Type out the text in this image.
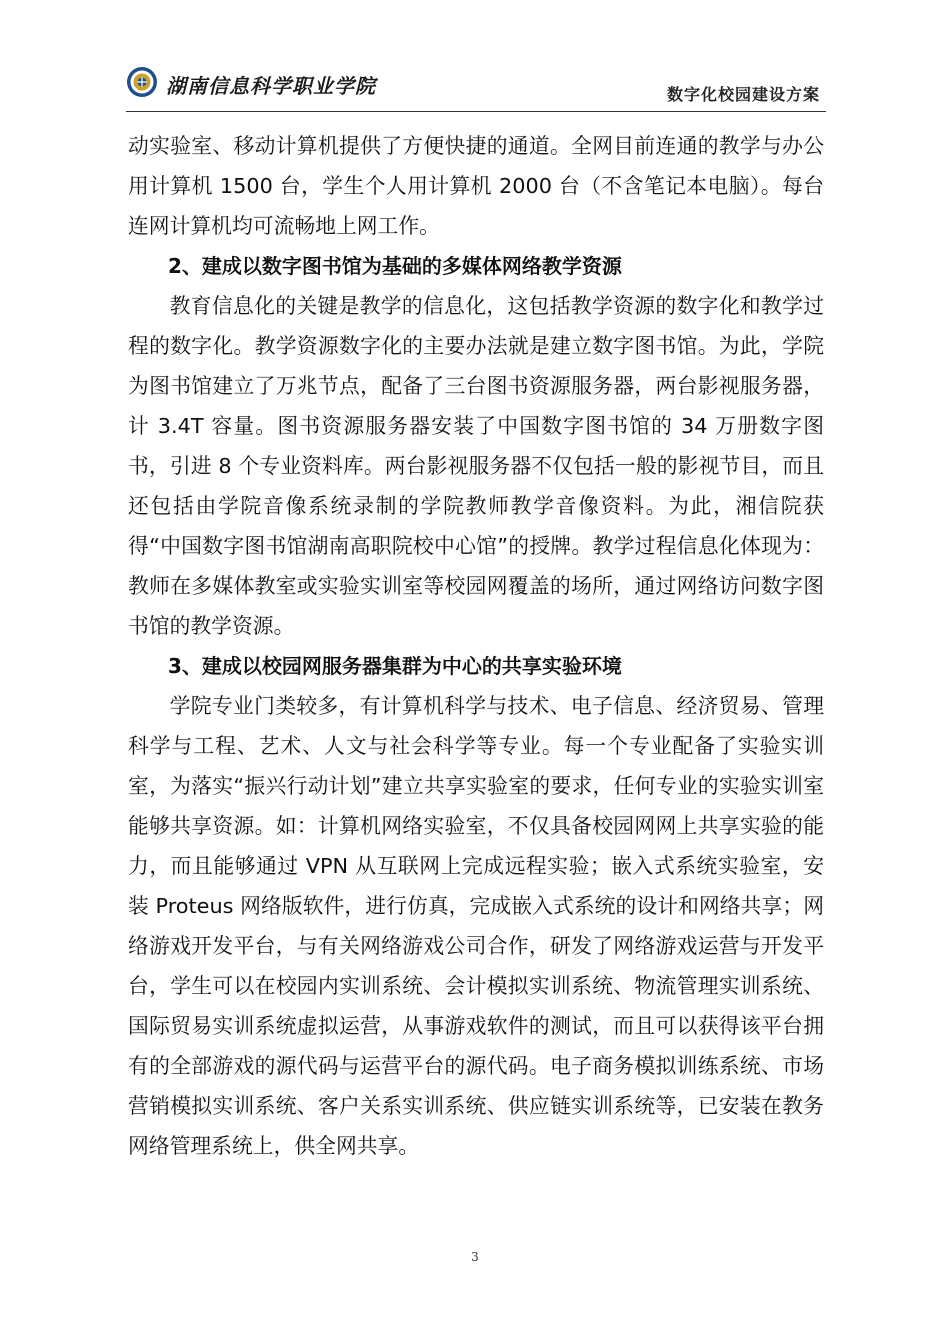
湖南信息科学职业学院	数字化校园建设方案

动实验室、移动计算机提供了方便快捷的通道。全网目前连通的教学与办公用计算机 1500 台，学生个人用计算机 2000 台（不含笔记本电脑）。每台连网计算机均可流畅地上网工作。

2、建成以数字图书馆为基础的多媒体网络教学资源

教育信息化的关键是教学的信息化，这包括教学资源的数字化和教学过程的数字化。教学资源数字化的主要办法就是建立数字图书馆。为此，学院为图书馆建立了万兆节点，配备了三台图书资源服务器，两台影视服务器，计 3.4T 容量。图书资源服务器安装了中国数字图书馆的 34 万册数字图书，引进 8 个专业资料库。两台影视服务器不仅包括一般的影视节目，而且还包括由学院音像系统录制的学院教师教学音像资料。为此，湘信院获得“中国数字图书馆湖南高职院校中心馆”的授牌。教学过程信息化体现为：教师在多媒体教室或实验实训室等校园网覆盖的场所，通过网络访问数字图书馆的教学资源。

3、建成以校园网服务器集群为中心的共享实验环境

学院专业门类较多，有计算机科学与技术、电子信息、经济贸易、管理科学与工程、艺术、人文与社会科学等专业。每一个专业配备了实验实训室，为落实“振兴行动计划”建立共享实验室的要求，任何专业的实验实训室能够共享资源。如：计算机网络实验室，不仅具备校园网网上共享实验的能力，而且能够通过 VPN 从互联网上完成远程实验；嵌入式系统实验室，安装 Proteus 网络版软件，进行仿真，完成嵌入式系统的设计和网络共享；网络游戏开发平台，与有关网络游戏公司合作，研发了网络游戏运营与开发平台，学生可以在校园内实训系统、会计模拟实训系统、物流管理实训系统、国际贸易实训系统虚拟运营，从事游戏软件的测试，而且可以获得该平台拥有的全部游戏的源代码与运营平台的源代码。电子商务模拟训练系统、市场营销模拟实训系统、客户关系实训系统、供应链实训系统等，已安装在教务网络管理系统上，供全网共享。

3
